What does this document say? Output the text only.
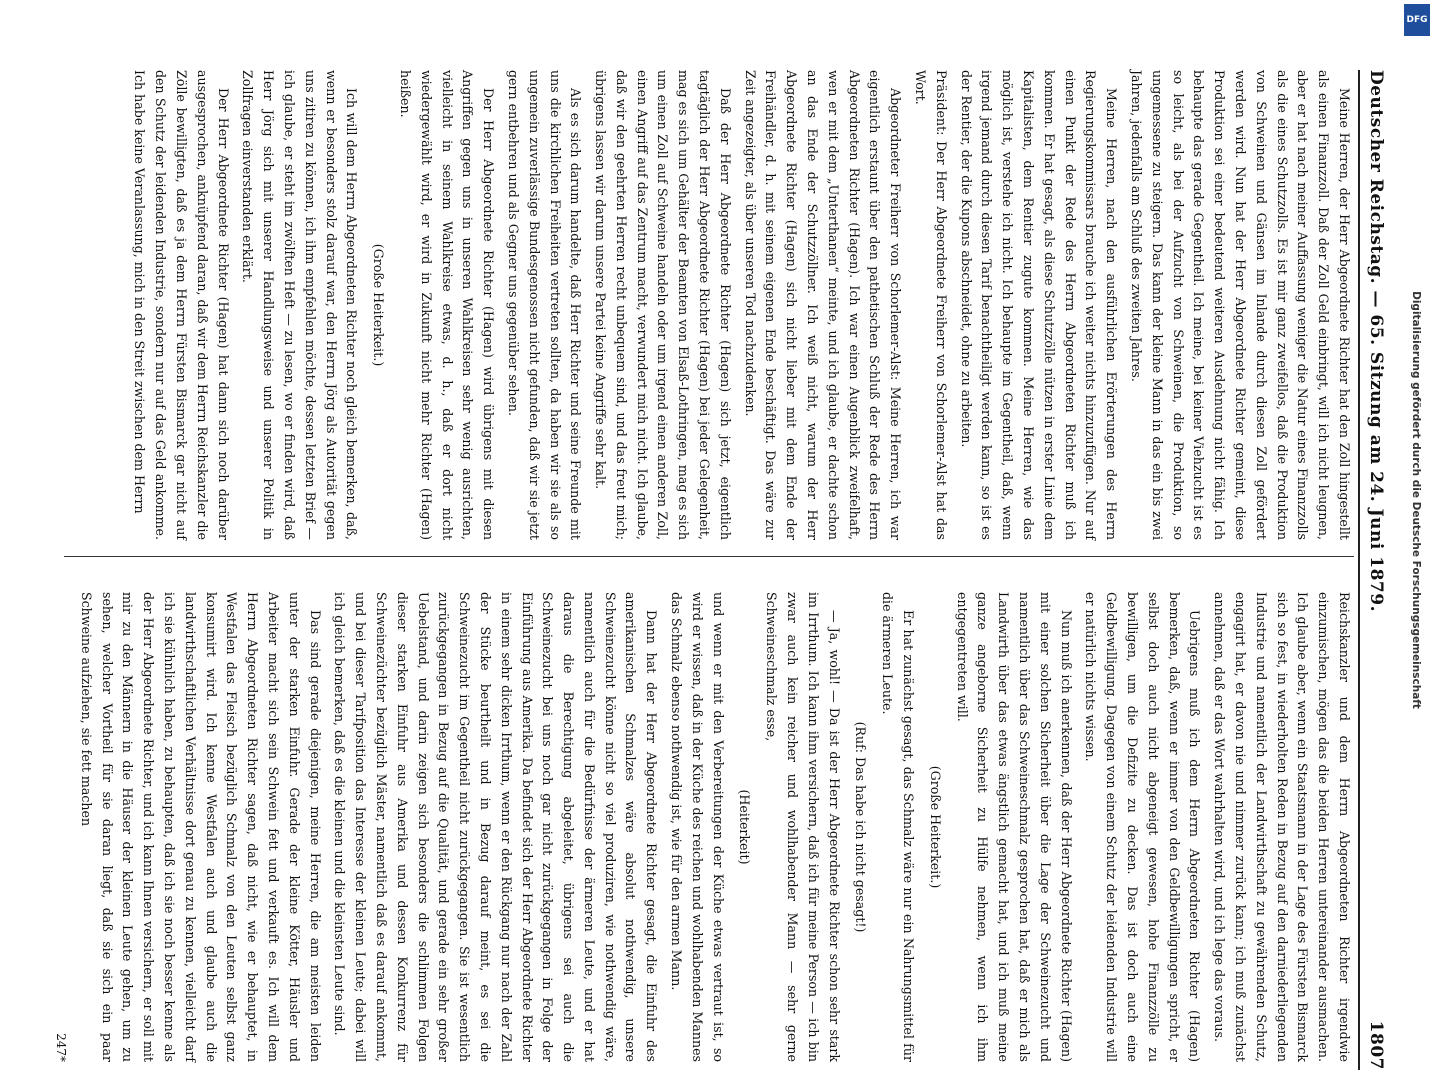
Deutscher Reichstag. — 65. Sitzung am 24. Juni 1879.
1807

Meine Herren, der Herr Abgeordnete Richter hat den Zoll hingestellt als einen Finanzzoll. Daß der Zoll Geld einbringt, will ich nicht leugnen, aber er hat nach meiner Auffassung weniger die Natur eines Finanzzolls als die eines Schutzzolls. Es ist mir ganz zweifellos, daß die Produktion von Schweinen und Gänsen im Inlande durch diesen Zoll gefördert werden wird. Nun hat der Herr Abgeordnete Richter gemeint, diese Produktion sei einer bedeutend weiteren Ausdehnung nicht fähig. Ich behaupte das gerade Gegentheil. Ich meine, bei keiner Viehzucht ist es so leicht, als bei der Aufzucht von Schweinen, die Produktion, so ungemessene zu steigern. Das kann der kleine Mann in das ein bis zwei Jahren, jedenfalls am Schluß des zweiten Jahres.

Meine Herren, nach den ausführlichen Erörterungen des Herrn Regierungskommissars brauche ich weiter nichts hinzuzufügen. Nur auf einen Punkt der Rede des Herrn Abgeordneten Richter muß ich kommen. Er hat gesagt, als diese Schutzzölle nützen in erster Linie dem Kapitalisten, dem Rentier zugute kommen. Meine Herren, wie das möglich ist, verstehe ich nicht. Ich behaupte im Gegentheil, daß, wenn irgend jemand durch diesen Tarif benachtheiligt werden kann, so ist es der Rentier, der die Kupons abschneidet, ohne zu arbeiten.

Präsident: Der Herr Abgeordnete Freiherr von Schorlemer-Alst hat das Wort.

Abgeordneter Freiherr von Schorlemer-Alst: Meine Herren, ich war eigentlich erstaunt über den pathetischen Schluß der Rede des Herrn Abgeordneten Richter (Hagen). Ich war einen Augenblick zweifelhaft, wen er mit dem „Unterthanen“ meinte, und ich glaube, er dachte schon an das Ende der Schutzzöllner. Ich weiß nicht, warum der Herr Abgeordnete Richter (Hagen) sich nicht lieber mit dem Ende der Freihändler, d. h. mit seinem eigenen Ende beschäftigt. Das wäre zur Zeit angezeigter, als über unseren Tod nachzudenken.

Daß der Herr Abgeordnete Richter (Hagen) sich jetzt, eigentlich tagtäglich der Herr Abgeordnete Richter (Hagen) bei jeder Gelegenheit, mag es sich um Gehälter der Beamten von Elsaß-Lothringen, mag es sich um einen Zoll auf Schweine handeln oder um irgend einen anderen Zoll, einen Angriff auf das Zentrum macht, verwundert mich nicht. Ich glaube, daß wir den geehrten Herren recht unbequem sind, und das freut mich; übrigens lassen wir darum unsere Partei keine Angriffe sehr kalt.

Als es sich darum handelte, daß Herr Richter und seine Freunde mit uns die kirchlichen Freiheiten vertreten sollten, da haben wir sie als so ungemein zuverlässige Bundesgenossen nicht gefunden, daß wir sie jetzt gern entbehren und als Gegner uns gegenüber sehen.

Der Herr Abgeordnete Richter (Hagen) wird übrigens mit diesen Angriffen gegen uns in unseren Wahlkreisen sehr wenig ausrichten, vielleicht in seinem Wahlkreise etwas, d. h., daß er dort nicht wiedergewählt wird, er wird in Zukunft nicht mehr Richter (Hagen) heißen.

(Große Heiterkeit.)

Ich will dem Herrn Abgeordneten Richter noch gleich bemerken, daß, wenn er besonders stolz darauf war, den Herrn Jörg als Autorität gegen uns zitiren zu können, ich ihm empfehlen möchte, dessen letzten Brief — ich glaube, er steht im zwölften Heft — zu lesen, wo er finden wird, daß Herr Jörg sich mit unserer Handlungsweise und unserer Politik in Zollfragen einverstanden erklärt.

Der Herr Abgeordnete Richter (Hagen) hat dann sich noch darüber ausgesprochen, anknüpfend daran, daß wir dem Herrn Reichskanzler die Zölle bewilligten, daß es ja dem Herrn Fürsten Bismarck gar nicht auf den Schutz der leidenden Industrie, sondern nur auf das Geld ankomme. Ich habe keine Veranlassung, mich in den Streit zwischen dem Herrn

Reichskanzler und dem Herrn Abgeordneten Richter irgendwie einzumischen, mögen das die beiden Herren untereinander ausmachen. Ich glaube aber, wenn ein Staatsmann in der Lage des Fürsten Bismarck sich so fest, in wiederholten Reden in Bezug auf den darniederliegenden Industrie und namentlich der Landwirthschaft zu gewährenden Schutz, engagirt hat, er davon nie und nimmer zurück kann; ich muß zunächst annehmen, daß er das Wort wahrhalten wird, und ich lege das voraus.

Uebrigens muß ich dem Herrn Abgeordneten Richter (Hagen) bemerken, daß, wenn er immer von den Geldbewilligungen spricht, er selbst doch auch nicht abgeneigt gewesen, hohe Finanzzölle zu bewilligen, um die Defizite zu decken. Das ist doch auch eine Geldbewilligung. Dagegen von einem Schutz der leidenden Industrie will er natürlich nichts wissen.

Nun muß ich anerkennen, daß der Herr Abgeordnete Richter (Hagen) mit einer solchen Sicherheit über die Lage der Schweinezucht und namentlich über das Schweineschmalz gesprochen hat, daß er mich als Landwirth über das etwas ängstlich gemacht hat, und ich muß meine ganze angeborne Sicherheit zu Hülfe nehmen, wenn ich ihm entgegentreten will.

(Große Heiterkeit.)

Er hat zunächst gesagt, das Schmalz wäre nur ein Nahrungsmittel für die ärmeren Leute.

(Ruf: Das habe ich nicht gesagt!)

— Ja, wohl! — Da ist der Herr Abgeordnete Richter schon sehr stark im Irrthum. Ich kann ihm versichern, daß ich für meine Person — ich bin zwar auch kein reicher und wohlhabender Mann — sehr gerne Schweineschmalz esse,

(Heiterkeit)

und wenn er mit den Verbereitungen der Küche etwas vertraut ist, so wird er wissen, daß in der Küche des reichen und wohlhabenden Mannes das Schmalz ebenso nothwendig ist, wie für den armen Mann.

Dann hat der Herr Abgeordnete Richter gesagt, die Einfuhr des amerikanischen Schmalzes wäre absolut nothwendig, unsere Schweinezucht könne nicht so viel produziren, wie nothwendig wäre, namentlich auch für die Bedürfnisse der ärmeren Leute, und er hat daraus die Berechtigung abgeleitet, übrigens sei auch die Schweinezucht bei uns noch gar nicht zurückgegangen in Folge der Einführung aus Amerika. Da befindet sich der Herr Abgeordnete Richter in einem sehr dicken Irrthum, wenn er den Rückgang nur nach der Zahl der Stücke beurtheilt und in Bezug darauf meint, es sei die Schweinezucht im Gegentheil nicht zurückgegangen. Sie ist wesentlich zurückgegangen in Bezug auf die Qualität, und gerade ein sehr großer Uebelstand, und darin zeigen sich besonders die schlimmen Folgen dieser starken Einfuhr aus Amerika und dessen Konkurrenz für Schweinezüchter bezüglich Mäster, namentlich daß es darauf ankommt, und bei dieser Tarifposition das Interesse der kleinen Leute; dabei will ich gleich bemerken, daß es die kleinen und die kleinsten Leute sind.

Das sind gerade diejenigen, meine Herren, die am meisten leiden unter der starken Einfuhr. Gerade der kleine Kötter, Häusler und Arbeiter macht sich sein Schwein fett und verkauft es. Ich will dem Herrn Abgeordneten Richter sagen, daß nicht, wie er behauptet, in Westfalen das Fleisch bezüglich Schmalz von den Leuten selbst ganz konsumirt wird. Ich kenne Westfalen auch und glaube auch die landwirthschaftlichen Verhältnisse dort genau zu kennen, vielleicht darf ich sie kühnlich haben, zu behaupten, daß ich sie noch besser kenne als der Herr Abgeordnete Richter, und ich kann Ihnen versichern, er soll mit mir zu den Männern in die Häuser der kleinen Leute gehen, um zu sehen, welcher Vortheil für sie daran liegt, daß sie sich ein paar Schweine aufziehen, sie fett machen

247*
Digitalisierung gefördert durch die Deutsche Forschungsgemeinschaft
DFG
